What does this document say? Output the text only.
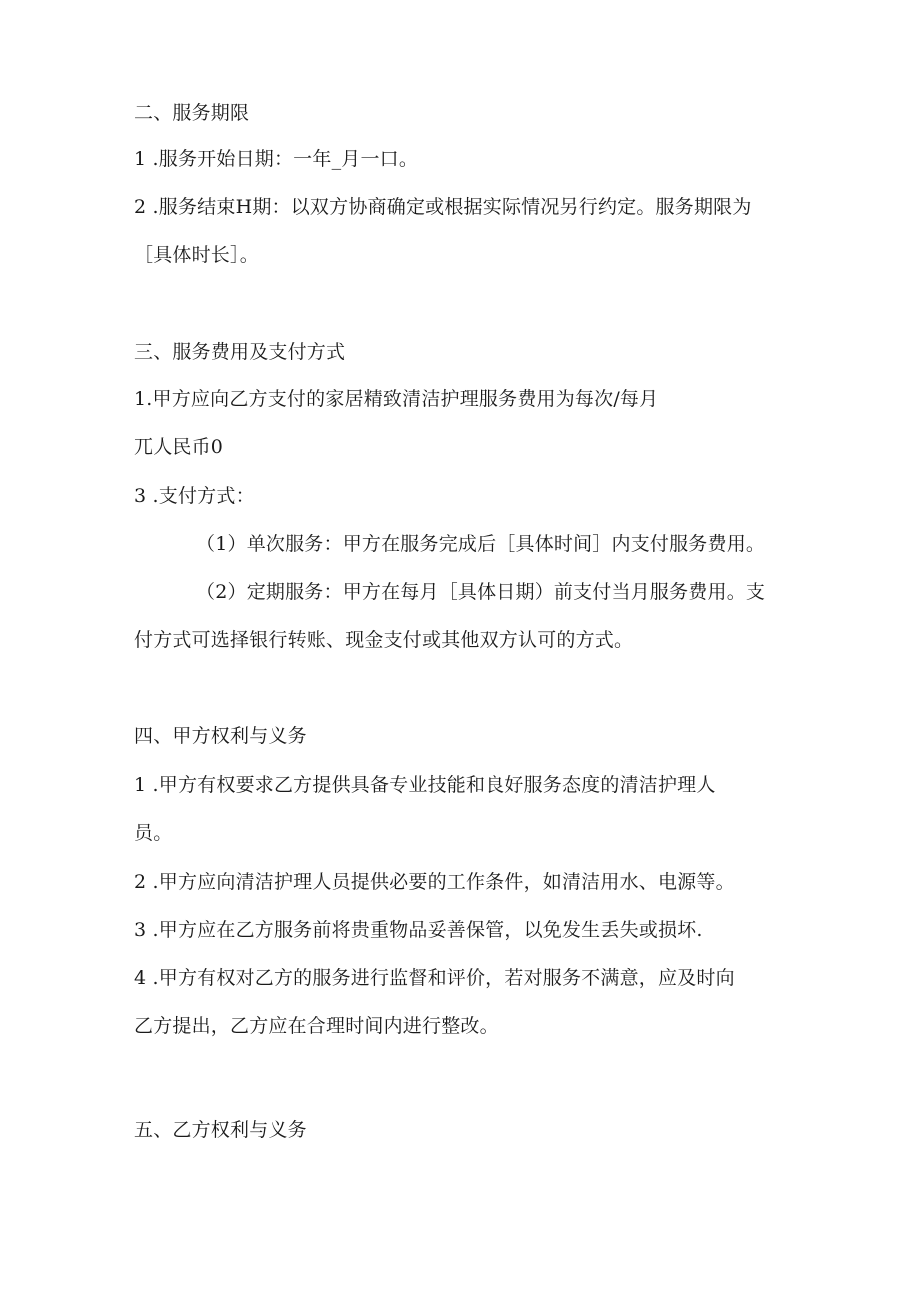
二、服务期限
1 .服务开始日期：一年_月一口。
2 .服务结束H期：以双方协商确定或根据实际情况另行约定。服务期限为
［具体时长］。
三、服务费用及支付方式
1.甲方应向乙方支付的家居精致清洁护理服务费用为每次/每月
兀人民币0
3 .支付方式：
（1）单次服务：甲方在服务完成后［具体时间］内支付服务费用。
（2）定期服务：甲方在每月［具体日期）前支付当月服务费用。支
付方式可选择银行转账、现金支付或其他双方认可的方式。
四、甲方权利与义务
1 .甲方有权要求乙方提供具备专业技能和良好服务态度的清洁护理人
员。
2 .甲方应向清洁护理人员提供必要的工作条件，如清洁用水、电源等。
3 .甲方应在乙方服务前将贵重物品妥善保管，以免发生丢失或损坏.
4 .甲方有权对乙方的服务进行监督和评价，若对服务不满意，应及时向
乙方提出，乙方应在合理时间内进行整改。
五、乙方权利与义务
